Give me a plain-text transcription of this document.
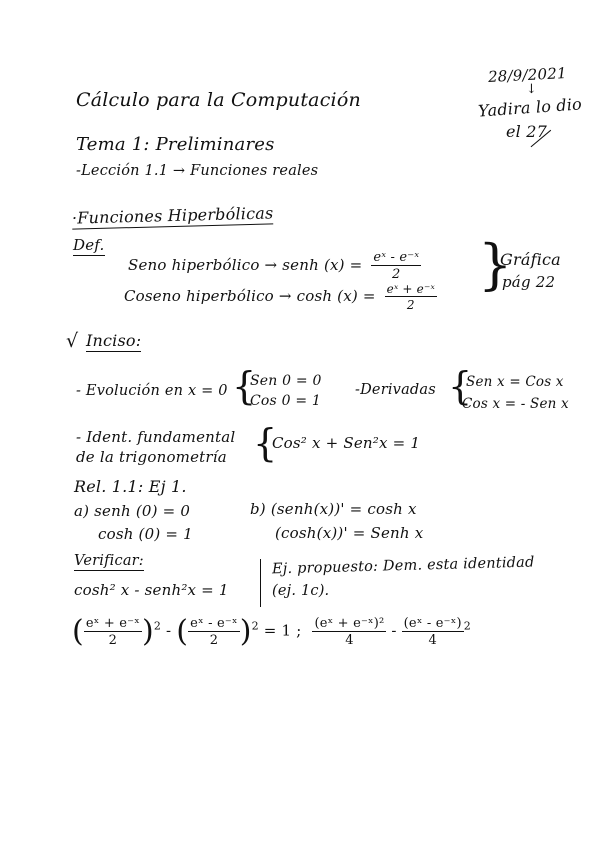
28/9/2021
↓
Yadira lo dio
el 27
Cálculo para la Computación
Tema 1: Preliminares
-Lección 1.1 → Funciones reales
·Funciones Hiperbólicas
Def.
Seno hiperbólico → senh $(x) = \frac{\text{eˣ - e⁻ˣ}}{2}$
Coseno hiperbólico → $\cosh (x) = \frac{\text{eˣ + e⁻ˣ}}{2}$
}
Gráfica
pág 22
√ Inciso:
- Evolución en x = 0 {
Sen 0 = 0
Cos 0 = 1
-Derivadas {
Sen x = Cos x
Cos x = - Sen x
- Ident. fundamental
de la trigonometría {
Cos² x + Sen²x = 1
Rel. 1.1: Ej 1.
a) senh (0) = 0
cosh (0) = 1
b) (senh(x))' = cosh x
(cosh(x))' = Senh x
Verificar:
cosh² x - senh²x = 1
Ej. propuesto: Dem. esta identidad
(ej. 1c).
( $\frac{\text{eˣ + e⁻ˣ}}{2} )^2$ - ( $\frac{\text{eˣ - e⁻ˣ}}{2} )^2 = 1$ ; $\frac{\text{(eˣ + e⁻ˣ)²}}{4} - \frac{\text{(eˣ - e⁻ˣ)}}{4} ^2$
